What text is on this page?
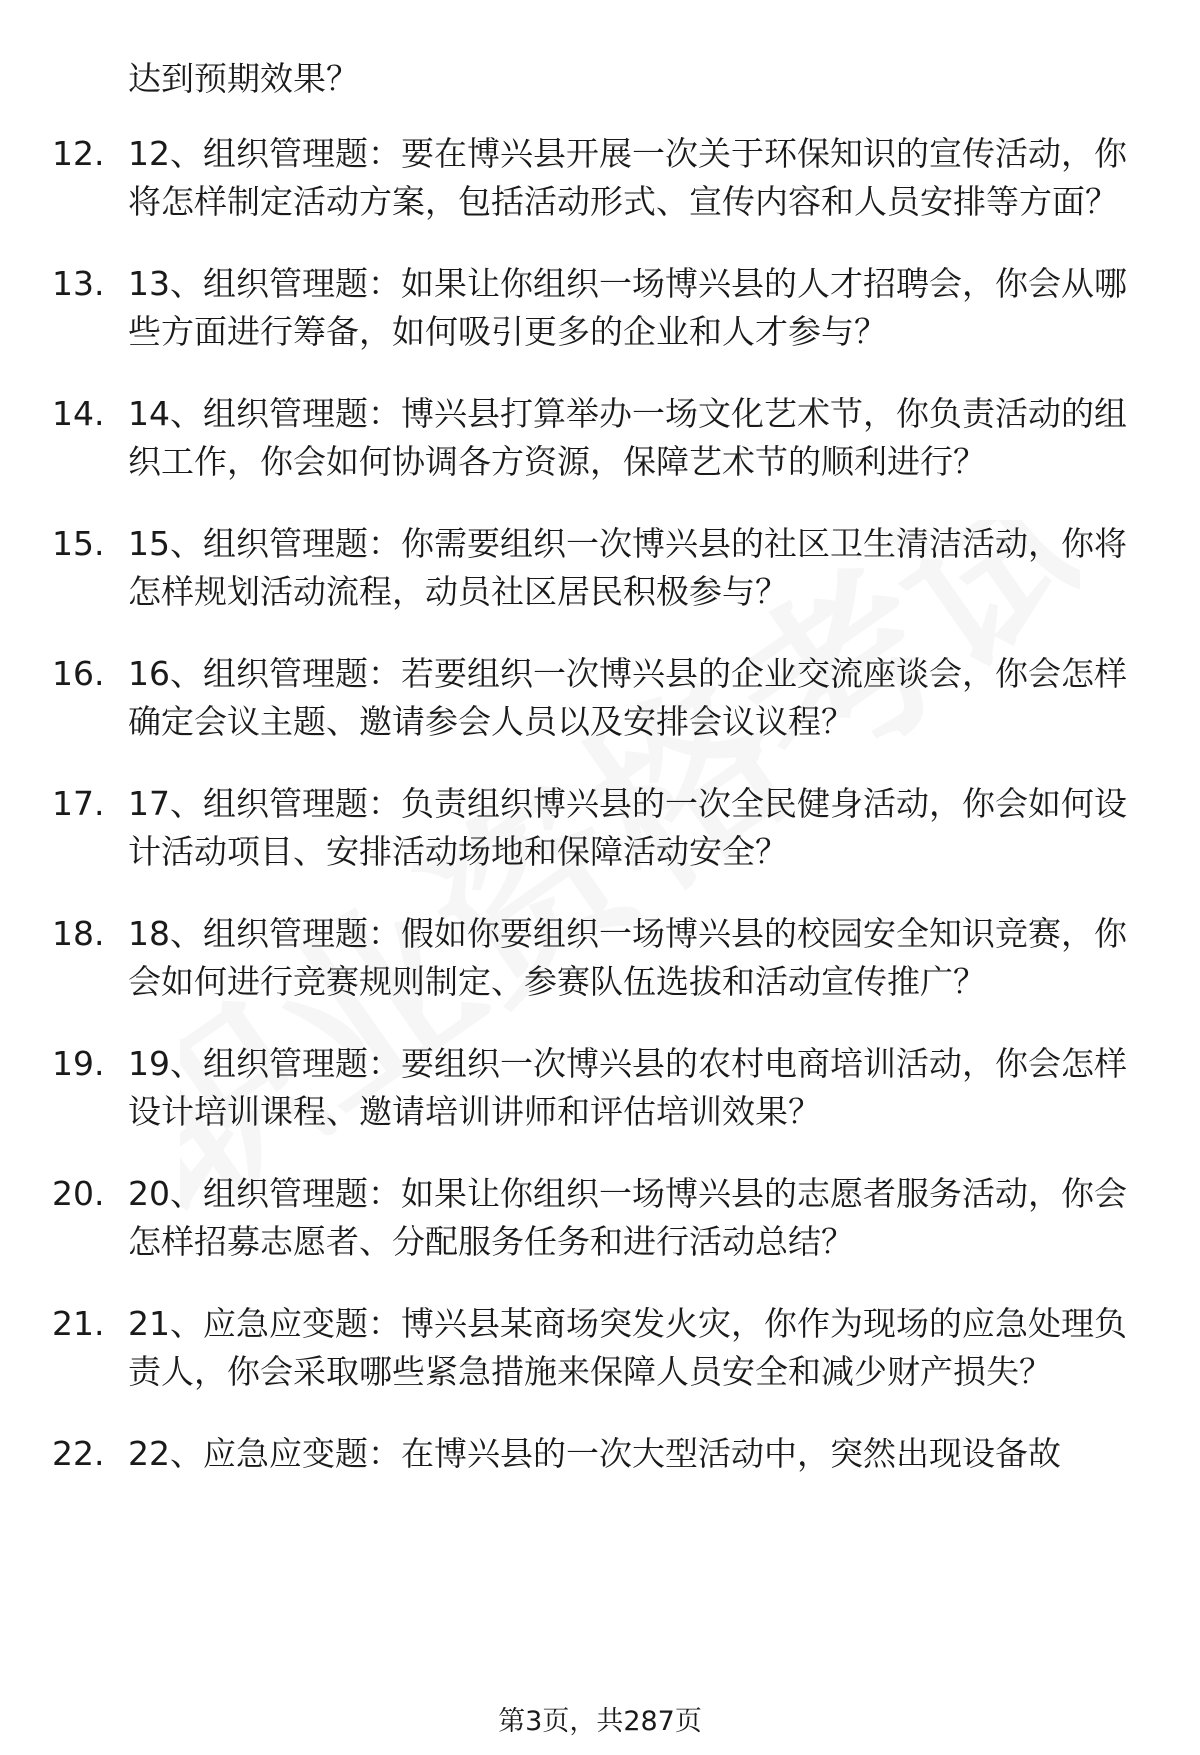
职业资格考试
达到预期效果？
12. 12、组织管理题：要在博兴县开展一次关于环保知识的宣传活动，你将怎样制定活动方案，包括活动形式、宣传内容和人员安排等方面？
13. 13、组织管理题：如果让你组织一场博兴县的人才招聘会，你会从哪些方面进行筹备，如何吸引更多的企业和人才参与？
14. 14、组织管理题：博兴县打算举办一场文化艺术节，你负责活动的组织工作，你会如何协调各方资源，保障艺术节的顺利进行？
15. 15、组织管理题：你需要组织一次博兴县的社区卫生清洁活动，你将怎样规划活动流程，动员社区居民积极参与？
16. 16、组织管理题：若要组织一次博兴县的企业交流座谈会，你会怎样确定会议主题、邀请参会人员以及安排会议议程？
17. 17、组织管理题：负责组织博兴县的一次全民健身活动，你会如何设计活动项目、安排活动场地和保障活动安全？
18. 18、组织管理题：假如你要组织一场博兴县的校园安全知识竞赛，你会如何进行竞赛规则制定、参赛队伍选拔和活动宣传推广？
19. 19、组织管理题：要组织一次博兴县的农村电商培训活动，你会怎样设计培训课程、邀请培训讲师和评估培训效果？
20. 20、组织管理题：如果让你组织一场博兴县的志愿者服务活动，你会怎样招募志愿者、分配服务任务和进行活动总结？
21. 21、应急应变题：博兴县某商场突发火灾，你作为现场的应急处理负责人，你会采取哪些紧急措施来保障人员安全和减少财产损失？
22. 22、应急应变题：在博兴县的一次大型活动中，突然出现设备故
第3页，共287页
